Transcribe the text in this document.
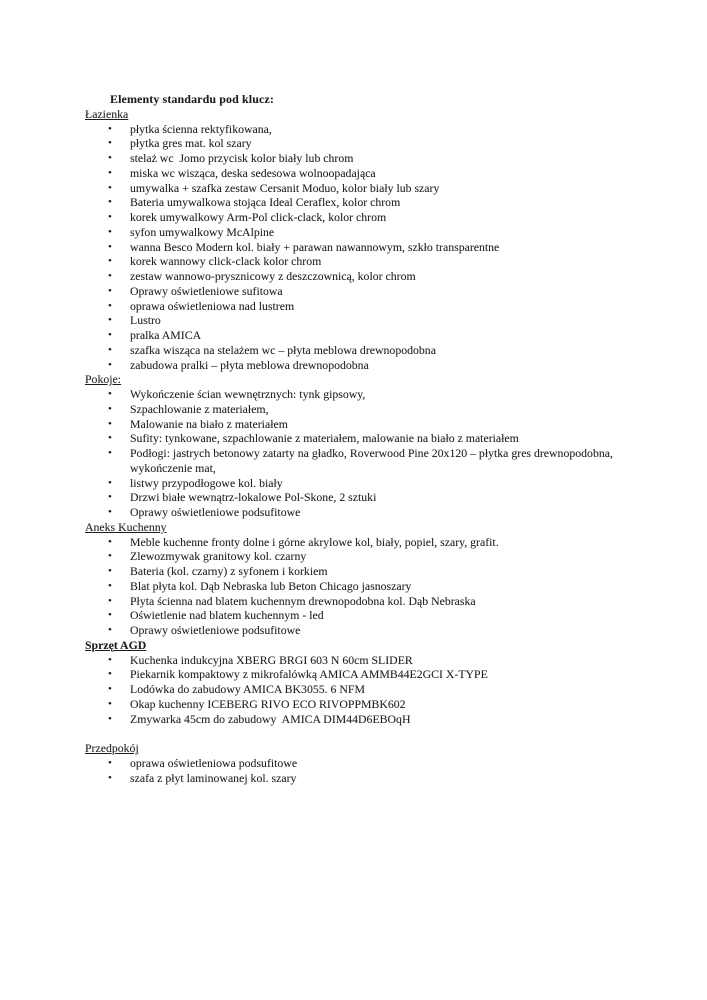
Elementy standardu pod klucz:
Łazienka
•	płytka ścienna rektyfikowana,
•	płytka gres mat. kol szary
•	stelaż wc  Jomo przycisk kolor biały lub chrom
•	miska wc wisząca, deska sedesowa wolnoopadająca
•	umywalka + szafka zestaw Cersanit Moduo, kolor biały lub szary
•	Bateria umywalkowa stojąca Ideal Ceraflex, kolor chrom
•	korek umywalkowy Arm-Pol click-clack, kolor chrom
•	syfon umywalkowy McAlpine
•	wanna Besco Modern kol. biały + parawan nawannowym, szkło transparentne
•	korek wannowy click-clack kolor chrom
•	zestaw wannowo-prysznicowy z deszczownicą, kolor chrom
•	Oprawy oświetleniowe sufitowa
•	oprawa oświetleniowa nad lustrem
•	Lustro
•	pralka AMICA
•	szafka wisząca na stelażem wc – płyta meblowa drewnopodobna
•	zabudowa pralki – płyta meblowa drewnopodobna
Pokoje:
•	Wykończenie ścian wewnętrznych: tynk gipsowy,
•	Szpachlowanie z materiałem,
•	Malowanie na biało z materiałem
•	Sufity: tynkowane, szpachlowanie z materiałem, malowanie na biało z materiałem
•	Podłogi: jastrych betonowy zatarty na gładko, Roverwood Pine 20x120 – płytka gres drewnopodobna, wykończenie mat,
•	listwy przypodłogowe kol. biały
•	Drzwi białe wewnątrz-lokalowe Pol-Skone, 2 sztuki
•	Oprawy oświetleniowe podsufitowe
Aneks Kuchenny
•	Meble kuchenne fronty dolne i górne akrylowe kol, biały, popiel, szary, grafit.
•	Zlewozmywak granitowy kol. czarny
•	Bateria (kol. czarny) z syfonem i korkiem
•	Blat płyta kol. Dąb Nebraska lub Beton Chicago jasnoszary
•	Płyta ścienna nad blatem kuchennym drewnopodobna kol. Dąb Nebraska
•	Oświetlenie nad blatem kuchennym - led
•	Oprawy oświetleniowe podsufitowe
Sprzęt AGD
•	Kuchenka indukcyjna XBERG BRGI 603 N 60cm SLIDER
•	Piekarnik kompaktowy z mikrofalówką AMICA AMMB44E2GCI X-TYPE
•	Lodówka do zabudowy AMICA BK3055. 6 NFM
•	Okap kuchenny ICEBERG RIVO ECO RIVOPPMBK602
•	Zmywarka 45cm do zabudowy  AMICA DIM44D6EBOqH
Przedpokój
•	oprawa oświetleniowa podsufitowe
•	szafa z płyt laminowanej kol. szary
